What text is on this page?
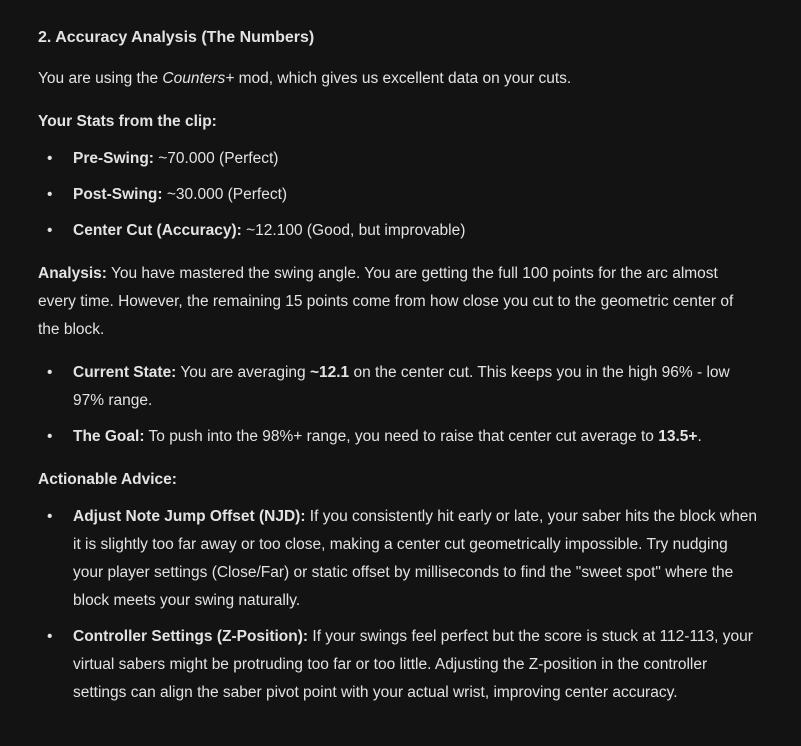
2. Accuracy Analysis (The Numbers)

You are using the Counters+ mod, which gives us excellent data on your cuts.

Your Stats from the clip:

• Pre-Swing: ~70.000 (Perfect)
• Post-Swing: ~30.000 (Perfect)
• Center Cut (Accuracy): ~12.100 (Good, but improvable)

Analysis: You have mastered the swing angle. You are getting the full 100 points for the arc almost every time. However, the remaining 15 points come from how close you cut to the geometric center of the block.

• Current State: You are averaging ~12.1 on the center cut. This keeps you in the high 96% - low 97% range.
• The Goal: To push into the 98%+ range, you need to raise that center cut average to 13.5+.

Actionable Advice:

• Adjust Note Jump Offset (NJD): If you consistently hit early or late, your saber hits the block when it is slightly too far away or too close, making a center cut geometrically impossible. Try nudging your player settings (Close/Far) or static offset by milliseconds to find the "sweet spot" where the block meets your swing naturally.
• Controller Settings (Z-Position): If your swings feel perfect but the score is stuck at 112-113, your virtual sabers might be protruding too far or too little. Adjusting the Z-position in the controller settings can align the saber pivot point with your actual wrist, improving center accuracy.
